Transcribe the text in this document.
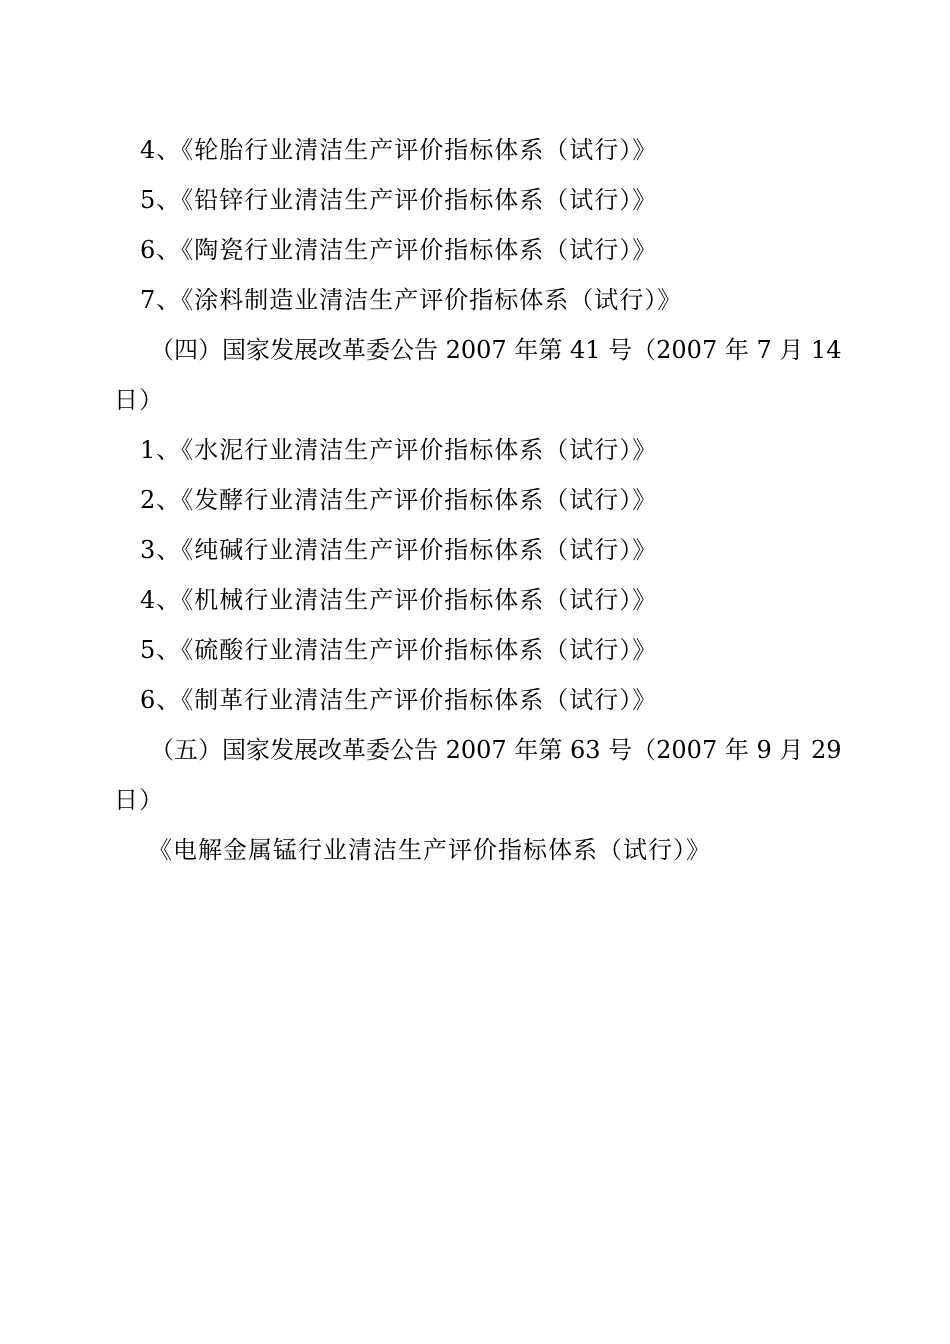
4、《轮胎行业清洁生产评价指标体系（试行）》
5、《铅锌行业清洁生产评价指标体系（试行）》
6、《陶瓷行业清洁生产评价指标体系（试行）》
7、《涂料制造业清洁生产评价指标体系（试行）》
（四）国家发展改革委公告 2007 年第 41 号（2007 年 7 月 14
日）
1、《水泥行业清洁生产评价指标体系（试行）》
2、《发酵行业清洁生产评价指标体系（试行）》
3、《纯碱行业清洁生产评价指标体系（试行）》
4、《机械行业清洁生产评价指标体系（试行）》
5、《硫酸行业清洁生产评价指标体系（试行）》
6、《制革行业清洁生产评价指标体系（试行）》
（五）国家发展改革委公告 2007 年第 63 号（2007 年 9 月 29
日）
《电解金属锰行业清洁生产评价指标体系（试行）》
